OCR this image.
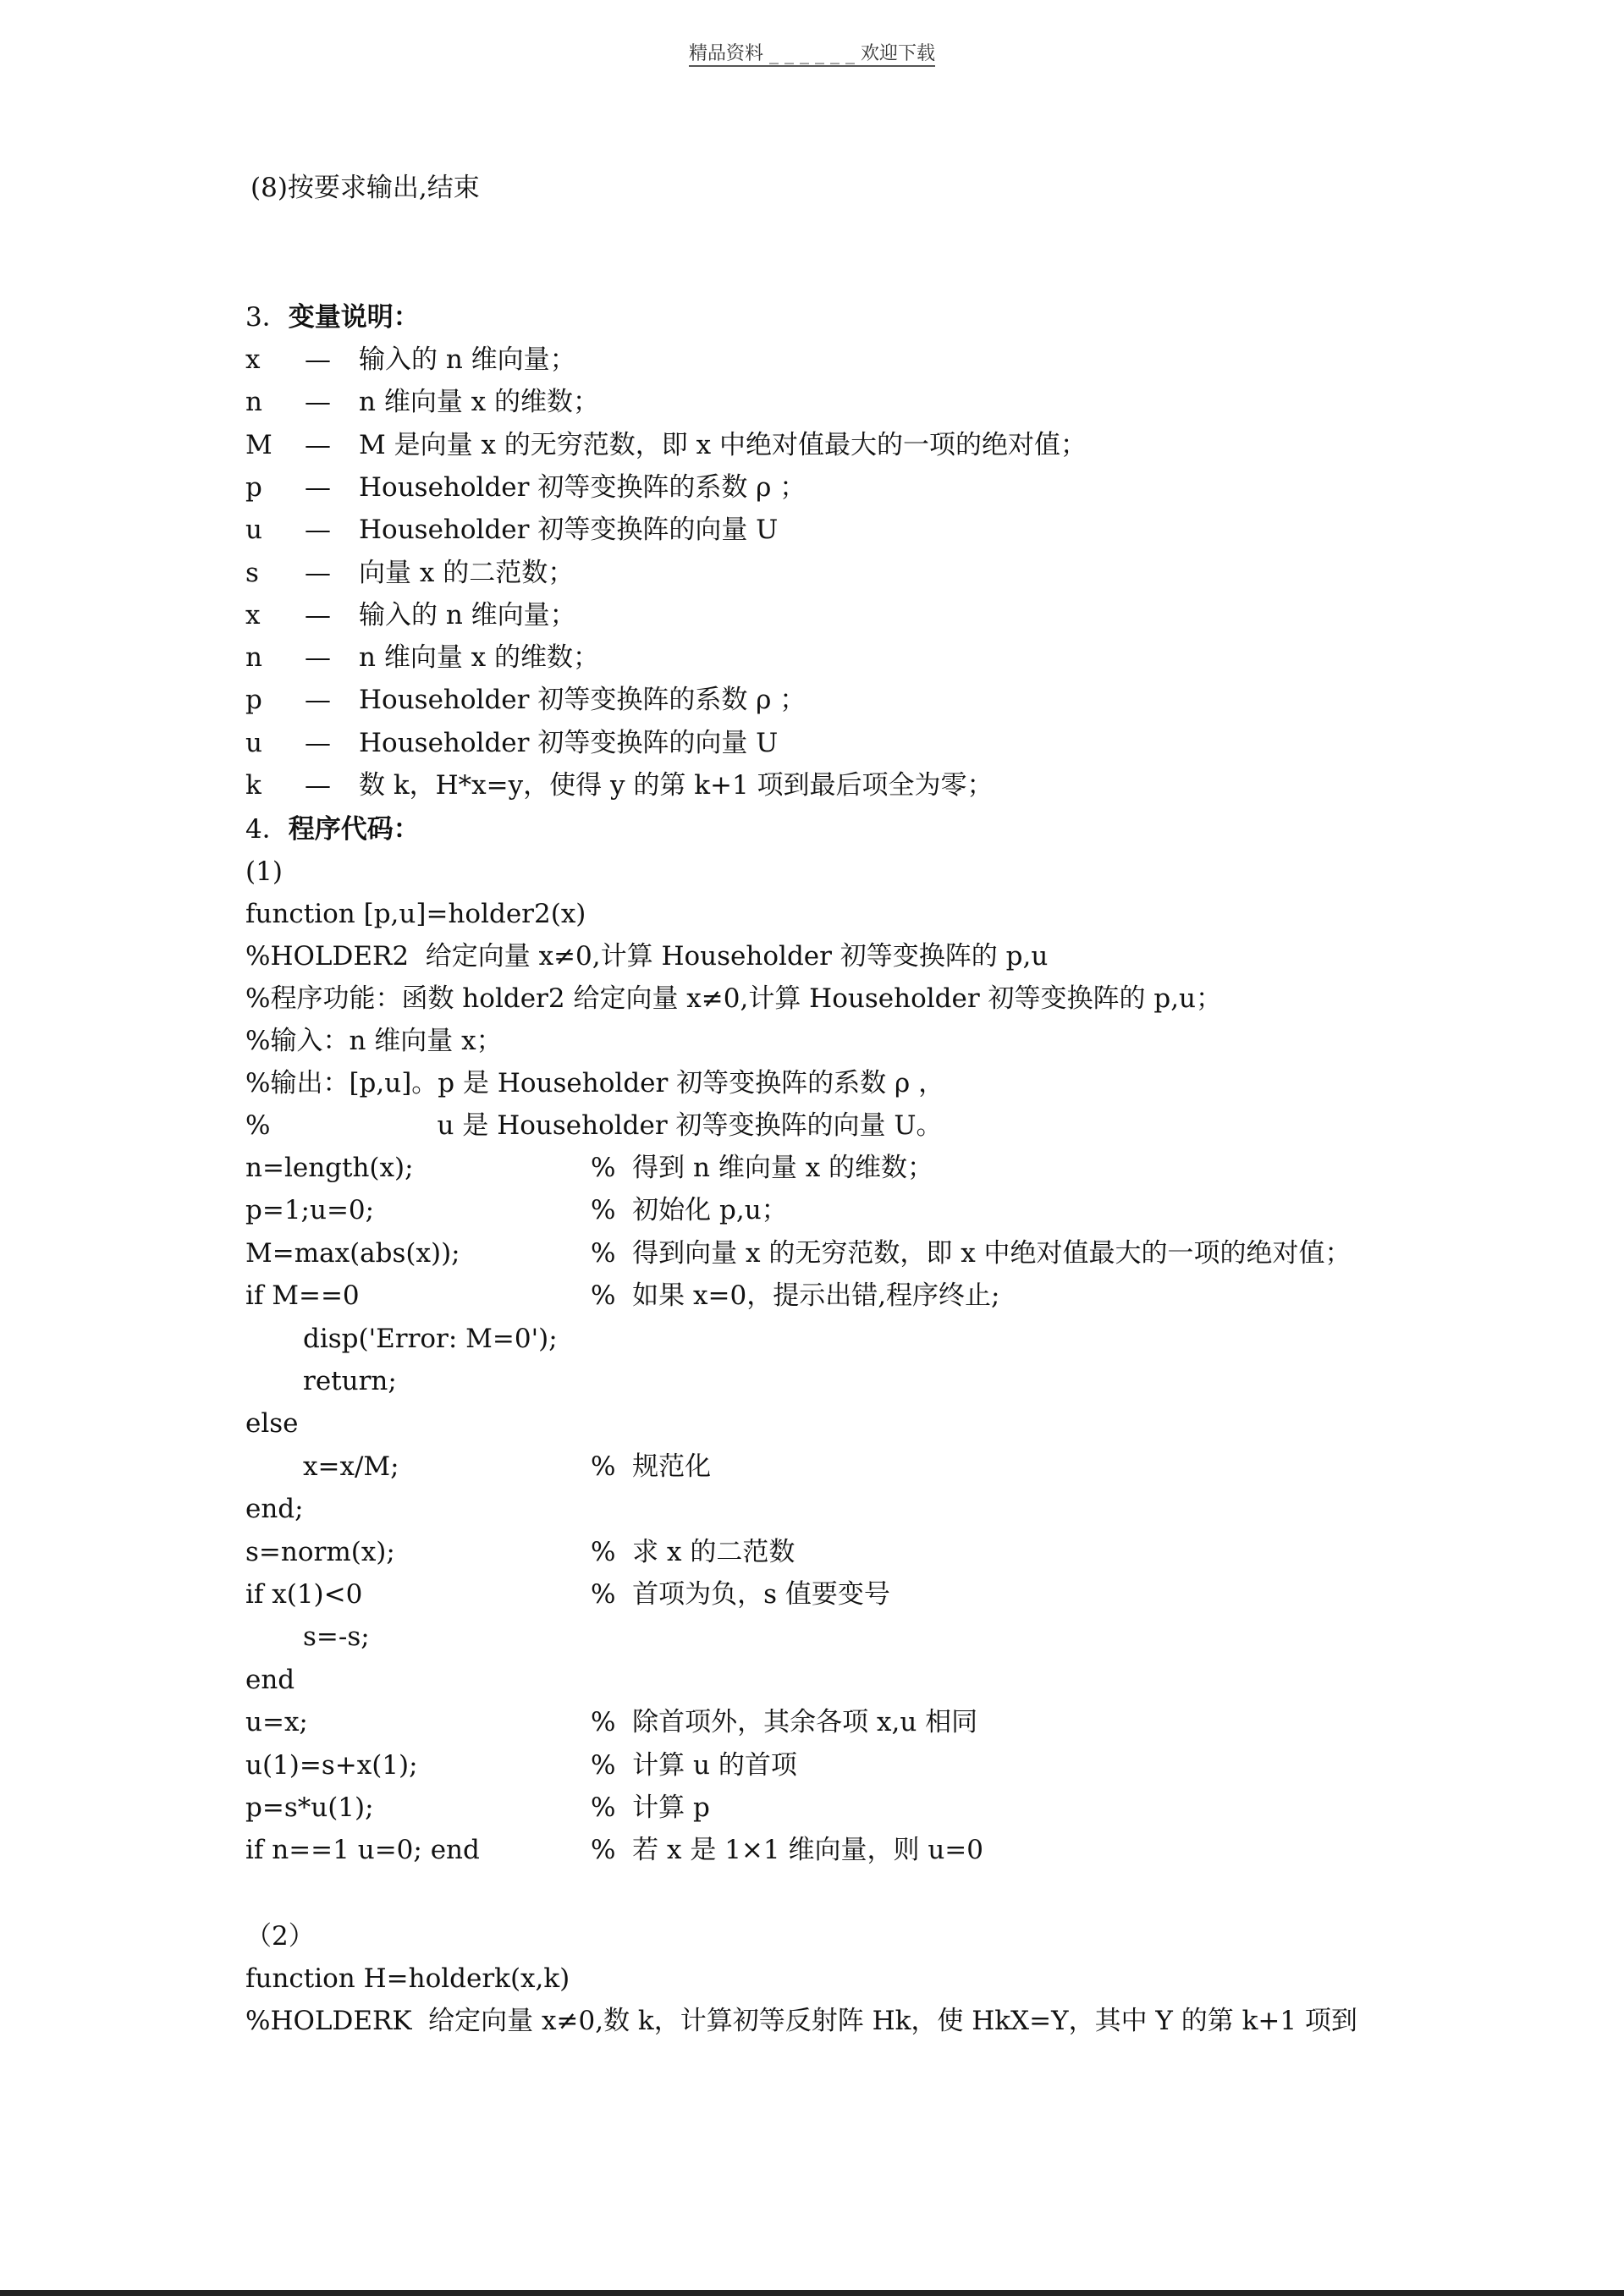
精品资料 _ _ _ _ _ _ 欢迎下载
(8)按要求输出,结束
3．变量说明：
x — 输入的 n 维向量；
n — n 维向量 x 的维数；
M — M 是向量 x 的无穷范数，即 x 中绝对值最大的一项的绝对值；
p — Householder 初等变换阵的系数 ρ ；
u — Householder 初等变换阵的向量 U
s — 向量 x 的二范数；
x — 输入的 n 维向量；
n — n 维向量 x 的维数；
p — Householder 初等变换阵的系数 ρ ；
u — Householder 初等变换阵的向量 U
k — 数 k，H*x=y，使得 y 的第 k+1 项到最后项全为零；
4．程序代码：
(1)
function [p,u]=holder2(x)
%HOLDER2  给定向量 x≠0,计算 Householder 初等变换阵的 p,u
%程序功能：函数 holder2 给定向量 x≠0,计算 Householder 初等变换阵的 p,u；
%输入：n 维向量 x；
%输出：[p,u]。p 是 Householder 初等变换阵的系数 ρ ，
%                    u 是 Householder 初等变换阵的向量 U。
n=length(x);	%  得到 n 维向量 x 的维数；
p=1;u=0;	%  初始化 p,u；
M=max(abs(x));	%  得到向量 x 的无穷范数，即 x 中绝对值最大的一项的绝对值；
if M==0	%  如果 x=0，提示出错,程序终止;
disp('Error: M=0');
return;
else
x=x/M;	%  规范化
end;
s=norm(x);	%  求 x 的二范数
if x(1)<0	%  首项为负，s 值要变号
s=-s;
end
u=x;	%  除首项外，其余各项 x,u 相同
u(1)=s+x(1);	%  计算 u 的首项
p=s*u(1);	%  计算 p
if n==1 u=0; end	%  若 x 是 1×1 维向量，则 u=0
（2）
function H=holderk(x,k)
%HOLDERK  给定向量 x≠0,数 k，计算初等反射阵 Hk，使 HkX=Y，其中 Y 的第 k+1 项到
